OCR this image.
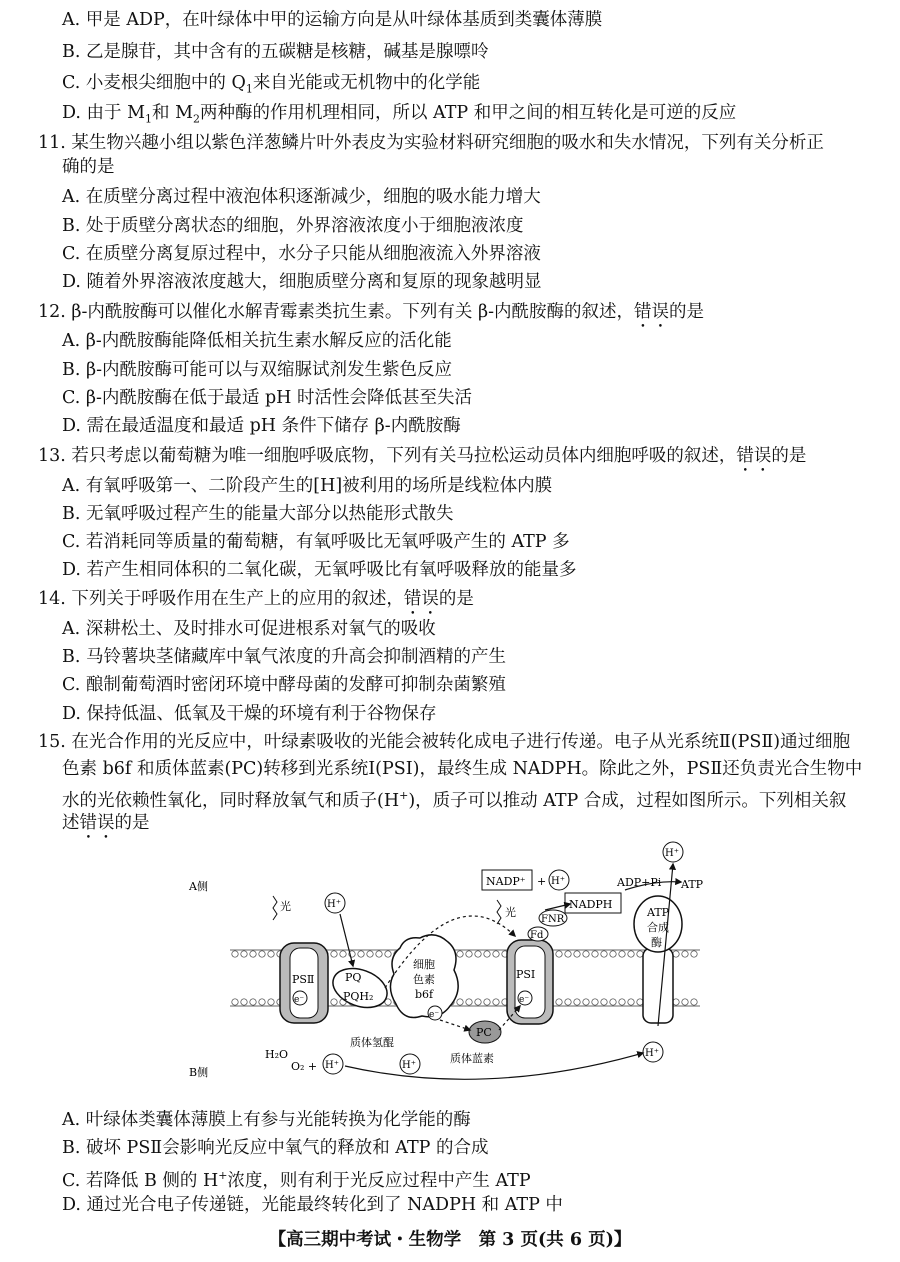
A. 甲是 ADP，在叶绿体中甲的运输方向是从叶绿体基质到类囊体薄膜
B. 乙是腺苷，其中含有的五碳糖是核糖，碱基是腺嘌呤
C. 小麦根尖细胞中的 $Q_1$来自光能或无机物中的化学能
D. 由于 $M_1$和 $M_2$两种酶的作用机理相同，所以 ATP 和甲之间的相互转化是可逆的反应
11. 某生物兴趣小组以紫色洋葱鳞片叶外表皮为实验材料研究细胞的吸水和失水情况，下列有关分析正
确的是
A. 在质壁分离过程中液泡体积逐渐减少，细胞的吸水能力增大
B. 处于质壁分离状态的细胞，外界溶液浓度小于细胞液浓度
C. 在质壁分离复原过程中，水分子只能从细胞液流入外界溶液
D. 随着外界溶液浓度越大，细胞质壁分离和复原的现象越明显
12. β-内酰胺酶可以催化水解青霉素类抗生素。下列有关 β-内酰胺酶的叙述，错误的是
A. β-内酰胺酶能降低相关抗生素水解反应的活化能
B. β-内酰胺酶可能可以与双缩脲试剂发生紫色反应
C. β-内酰胺酶在低于最适 pH 时活性会降低甚至失活
D. 需在最适温度和最适 pH 条件下储存 β-内酰胺酶
13. 若只考虑以葡萄糖为唯一细胞呼吸底物，下列有关马拉松运动员体内细胞呼吸的叙述，错误的是
A. 有氧呼吸第一、二阶段产生的[H]被利用的场所是线粒体内膜
B. 无氧呼吸过程产生的能量大部分以热能形式散失
C. 若消耗同等质量的葡萄糖，有氧呼吸比无氧呼吸产生的 ATP 多
D. 若产生相同体积的二氧化碳，无氧呼吸比有氧呼吸释放的能量多
14. 下列关于呼吸作用在生产上的应用的叙述，错误的是
A. 深耕松土、及时排水可促进根系对氧气的吸收
B. 马铃薯块茎储藏库中氧气浓度的升高会抑制酒精的产生
C. 酿制葡萄酒时密闭环境中酵母菌的发酵可抑制杂菌繁殖
D. 保持低温、低氧及干燥的环境有利于谷物保存
15. 在光合作用的光反应中，叶绿素吸收的光能会被转化成电子进行传递。电子从光系统Ⅱ(PSⅡ)通过细胞
色素 b6f 和质体蓝素(PC)转移到光系统Ⅰ(PSⅠ)，最终生成 NADPH。除此之外，PSⅡ还负责光合生物中
水的光依赖性氧化，同时释放氧气和质子(H+)，质子可以推动 ATP 合成，过程如图所示。下列相关叙
述错误的是
A侧
B侧
PSⅡ
e⁻
光
PQ
PQH₂
细胞
色素
b6f
e⁻
PC
PSⅠ
e⁻
光
Fd
FNR
NADP⁺ + H⁺
NADPH
ATP
合成
酶
ADP+Pi ATP
H⁺
H⁺
H⁺	H⁺
H⁺
H₂O
O₂ +
质体氢醌
质体蓝素
A. 叶绿体类囊体薄膜上有参与光能转换为化学能的酶
B. 破坏 PSⅡ会影响光反应中氧气的释放和 ATP 的合成
C. 若降低 B 侧的 H+浓度，则有利于光反应过程中产生 ATP
D. 通过光合电子传递链，光能最终转化到了 NADPH 和 ATP 中
【高三期中考试・生物学　第 3 页(共 6 页)】
